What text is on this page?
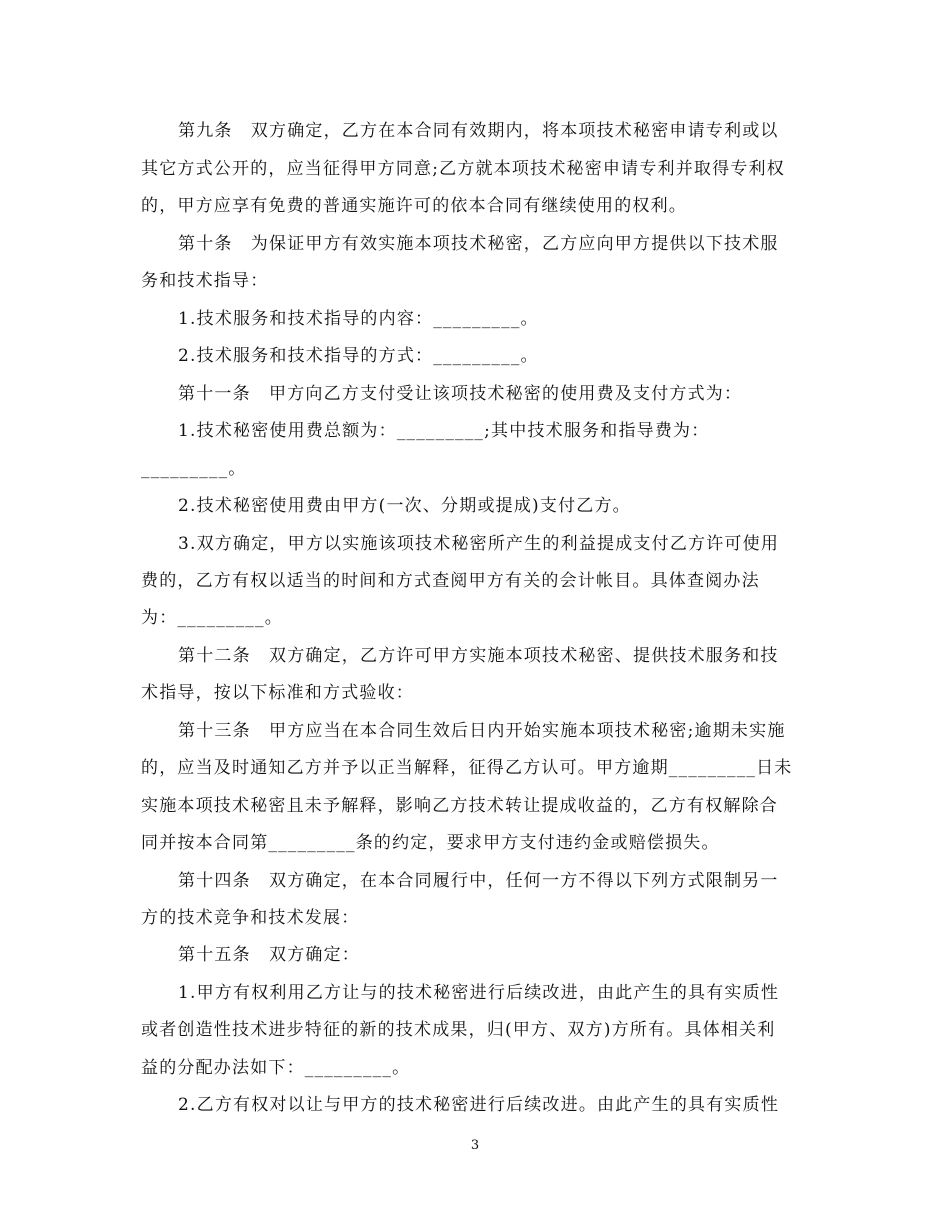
第九条　双方确定，乙方在本合同有效期内，将本项技术秘密申请专利或以
其它方式公开的，应当征得甲方同意;乙方就本项技术秘密申请专利并取得专利权
的，甲方应享有免费的普通实施许可的依本合同有继续使用的权利。
第十条　为保证甲方有效实施本项技术秘密，乙方应向甲方提供以下技术服
务和技术指导：
1.技术服务和技术指导的内容：_________。
2.技术服务和技术指导的方式：_________。
第十一条　甲方向乙方支付受让该项技术秘密的使用费及支付方式为：
1.技术秘密使用费总额为：_________;其中技术服务和指导费为：
_________。
2.技术秘密使用费由甲方(一次、分期或提成)支付乙方。
3.双方确定，甲方以实施该项技术秘密所产生的利益提成支付乙方许可使用
费的，乙方有权以适当的时间和方式查阅甲方有关的会计帐目。具体查阅办法
为：_________。
第十二条　双方确定，乙方许可甲方实施本项技术秘密、提供技术服务和技
术指导，按以下标准和方式验收：
第十三条　甲方应当在本合同生效后日内开始实施本项技术秘密;逾期未实施
的，应当及时通知乙方并予以正当解释，征得乙方认可。甲方逾期_________日未
实施本项技术秘密且未予解释，影响乙方技术转让提成收益的，乙方有权解除合
同并按本合同第_________条的约定，要求甲方支付违约金或赔偿损失。
第十四条　双方确定，在本合同履行中，任何一方不得以下列方式限制另一
方的技术竞争和技术发展：
第十五条　双方确定：
1.甲方有权利用乙方让与的技术秘密进行后续改进，由此产生的具有实质性
或者创造性技术进步特征的新的技术成果，归(甲方、双方)方所有。具体相关利
益的分配办法如下：_________。
2.乙方有权对以让与甲方的技术秘密进行后续改进。由此产生的具有实质性
3
